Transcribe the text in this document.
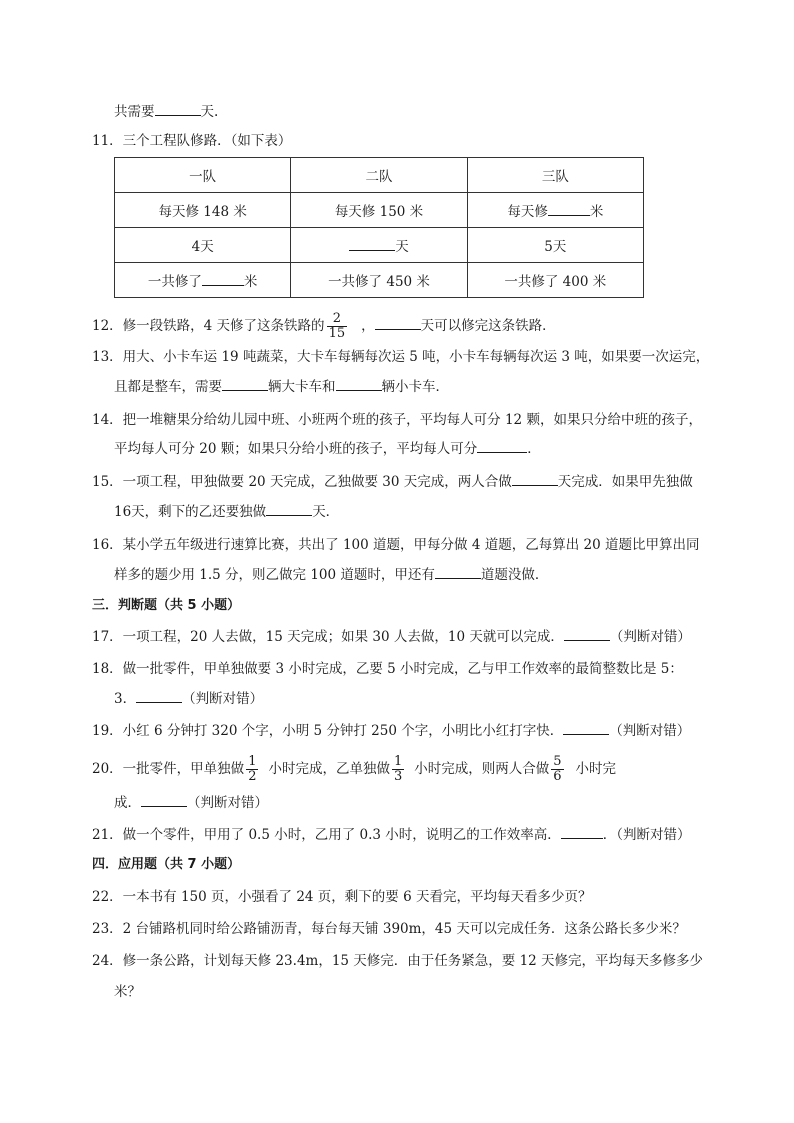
共需要	天.
11．三个工程队修路．（如下表）
一队	二队	三队
每天修 148 米	每天修 150 米	每天修 米
4天	天	5天
一共修了 米	一共修了 450 米	一共修了 400 米
12．修一段铁路，4 天修了这条铁路的 $\frac{2}{15}$ ，	天可以修完这条铁路．
13．用大、小卡车运 19 吨蔬菜，大卡车每辆每次运 5 吨，小卡车每辆每次运 3 吨，如果要一次运完，
且都是整车，需要	辆大卡车和	辆小卡车．
14．把一堆糖果分给幼儿园中班、小班两个班的孩子，平均每人可分 12 颗，如果只分给中班的孩子，
平均每人可分 20 颗；如果只分给小班的孩子，平均每人可分	．
15．一项工程，甲独做要 20 天完成，乙独做要 30 天完成，两人合做	天完成．如果甲先独做
16天，剩下的乙还要独做	天．
16．某小学五年级进行速算比赛，共出了 100 道题，甲每分做 4 道题，乙每算出 20 道题比甲算出同
样多的题少用 1.5 分，则乙做完 100 道题时，甲还有	道题没做．
三．判断题（共 5 小题）
17．一项工程，20 人去做，15 天完成；如果 30 人去做，10 天就可以完成．	（判断对错）
18．做一批零件，甲单独做要 3 小时完成，乙要 5 小时完成，乙与甲工作效率的最简整数比是 5：
3．	（判断对错）
19．小红 6 分钟打 320 个字，小明 5 分钟打 250 个字，小明比小红打字快．	（判断对错）
20．一批零件，甲单独做 $\frac{1}{2}$ 小时完成，乙单独做 $\frac{1}{3}$ 小时完成，则两人合做 $\frac{5}{6}$ 小时完
成．	（判断对错）
21．做一个零件，甲用了 0.5 小时，乙用了 0.3 小时，说明乙的工作效率高．	．（判断对错）
四．应用题（共 7 小题）
22．一本书有 150 页，小强看了 24 页，剩下的要 6 天看完，平均每天看多少页？
23．2 台铺路机同时给公路铺沥青，每台每天铺 390m，45 天可以完成任务．这条公路长多少米？
24．修一条公路，计划每天修 23.4m，15 天修完．由于任务紧急，要 12 天修完，平均每天多修多少
米？
